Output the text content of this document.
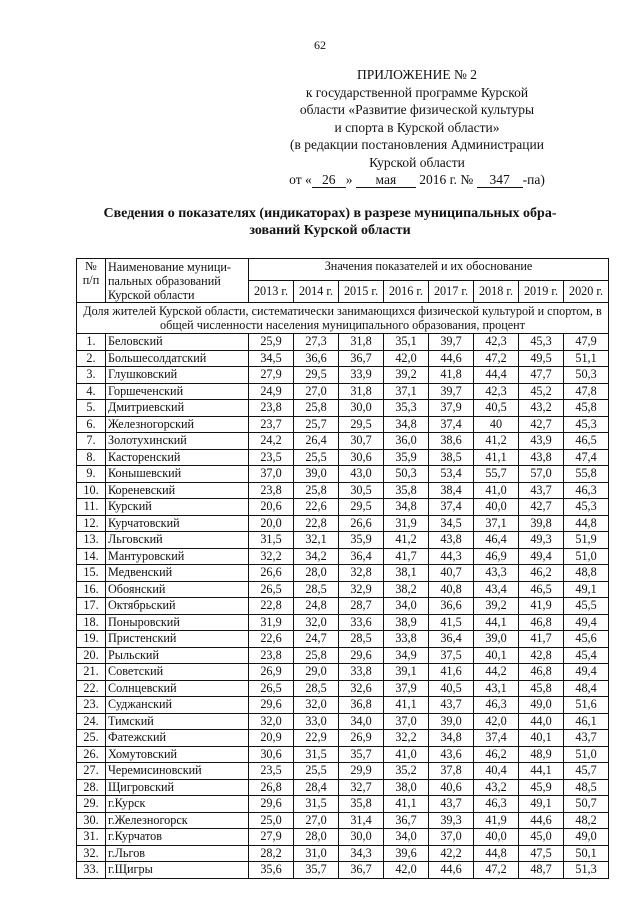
62
ПРИЛОЖЕНИЕ № 2
к государственной программе Курской
области «Развитие физической культуры
и спорта в Курской области»
(в редакции постановления Администрации
Курской области
от « 26 » мая 2016 г. № 347 -па)
Сведения о показателях (индикаторах) в разрезе муниципальных обра-
зований Курской области
№ п/п	Наименование муници-пальных образований Курской области	Значения показателей и их обоснование							
		2013 г.	2014 г.	2015 г.	2016 г.	2017 г.	2018 г.	2019 г.	2020 г.
Доля жителей Курской области, систематически занимающихся физической культурой и спортом, в общей численности населения муниципального образования, процент									
1.	Беловский	25,9	27,3	31,8	35,1	39,7	42,3	45,3	47,9
2.	Большесолдатский	34,5	36,6	36,7	42,0	44,6	47,2	49,5	51,1
3.	Глушковский	27,9	29,5	33,9	39,2	41,8	44,4	47,7	50,3
4.	Горшеченский	24,9	27,0	31,8	37,1	39,7	42,3	45,2	47,8
5.	Дмитриевский	23,8	25,8	30,0	35,3	37,9	40,5	43,2	45,8
6.	Железногорский	23,7	25,7	29,5	34,8	37,4	40	42,7	45,3
7.	Золотухинский	24,2	26,4	30,7	36,0	38,6	41,2	43,9	46,5
8.	Касторенский	23,5	25,5	30,6	35,9	38,5	41,1	43,8	47,4
9.	Конышевский	37,0	39,0	43,0	50,3	53,4	55,7	57,0	55,8
10.	Кореневский	23,8	25,8	30,5	35,8	38,4	41,0	43,7	46,3
11.	Курский	20,6	22,6	29,5	34,8	37,4	40,0	42,7	45,3
12.	Курчатовский	20,0	22,8	26,6	31,9	34,5	37,1	39,8	44,8
13.	Льговский	31,5	32,1	35,9	41,2	43,8	46,4	49,3	51,9
14.	Мантуровский	32,2	34,2	36,4	41,7	44,3	46,9	49,4	51,0
15.	Медвенский	26,6	28,0	32,8	38,1	40,7	43,3	46,2	48,8
16.	Обоянский	26,5	28,5	32,9	38,2	40,8	43,4	46,5	49,1
17.	Октябрьский	22,8	24,8	28,7	34,0	36,6	39,2	41,9	45,5
18.	Поныровский	31,9	32,0	33,6	38,9	41,5	44,1	46,8	49,4
19.	Пристенский	22,6	24,7	28,5	33,8	36,4	39,0	41,7	45,6
20.	Рыльский	23,8	25,8	29,6	34,9	37,5	40,1	42,8	45,4
21.	Советский	26,9	29,0	33,8	39,1	41,6	44,2	46,8	49,4
22.	Солнцевский	26,5	28,5	32,6	37,9	40,5	43,1	45,8	48,4
23.	Суджанский	29,6	32,0	36,8	41,1	43,7	46,3	49,0	51,6
24.	Тимский	32,0	33,0	34,0	37,0	39,0	42,0	44,0	46,1
25.	Фатежский	20,9	22,9	26,9	32,2	34,8	37,4	40,1	43,7
26.	Хомутовский	30,6	31,5	35,7	41,0	43,6	46,2	48,9	51,0
27.	Черемисиновский	23,5	25,5	29,9	35,2	37,8	40,4	44,1	45,7
28.	Щигровский	26,8	28,4	32,7	38,0	40,6	43,2	45,9	48,5
29.	г.Курск	29,6	31,5	35,8	41,1	43,7	46,3	49,1	50,7
30.	г.Железногорск	25,0	27,0	31,4	36,7	39,3	41,9	44,6	48,2
31.	г.Курчатов	27,9	28,0	30,0	34,0	37,0	40,0	45,0	49,0
32.	г.Льгов	28,2	31,0	34,3	39,6	42,2	44,8	47,5	50,1
33.	г.Щигры	35,6	35,7	36,7	42,0	44,6	47,2	48,7	51,3
